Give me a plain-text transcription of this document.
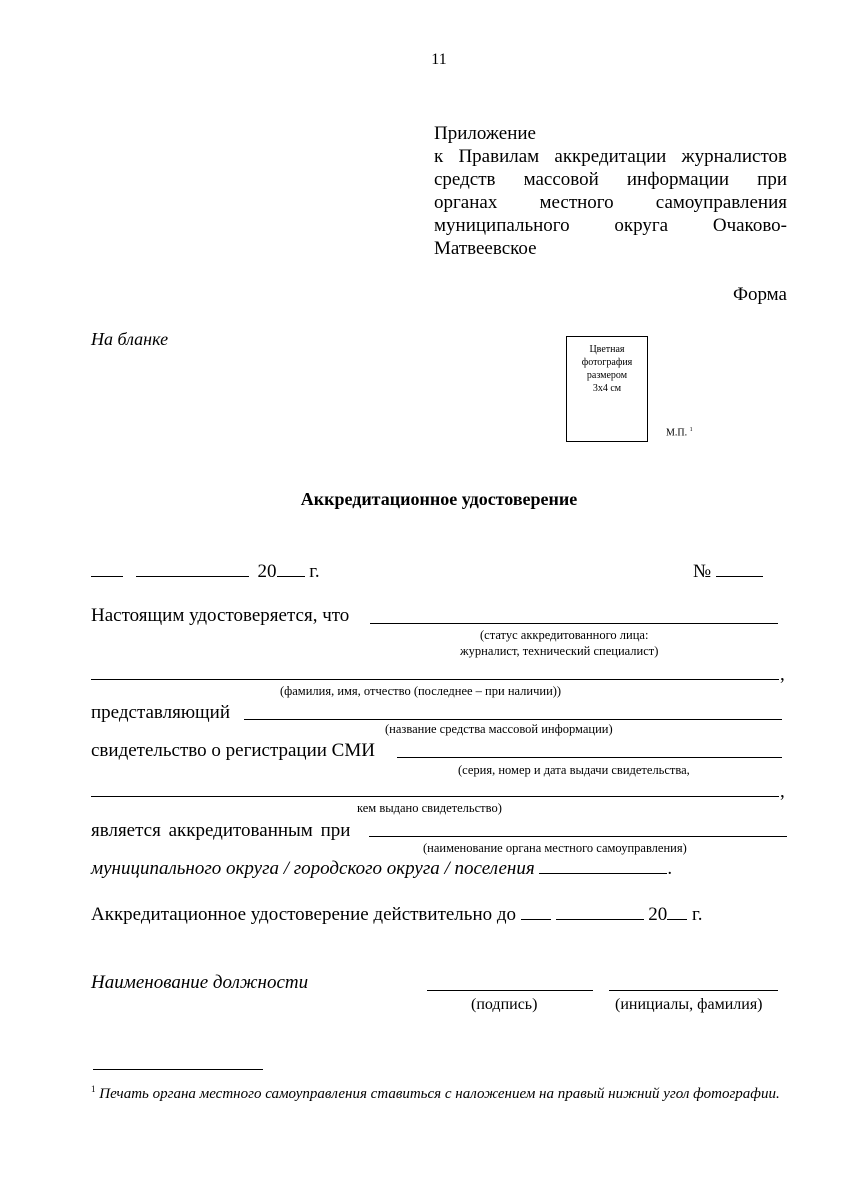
11
Приложение
к Правилам аккредитации журналистов
средств массовой информации при
органах местного самоуправления
муниципального округа Очаково-
Матвеевское
Форма
На бланке
Цветная
фотография
размером
3х4 см
М.П. $^1$
Аккредитационное удостоверение
20 г.	№
Настоящим удостоверяется, что
(статус аккредитованного лица:
журналист, технический специалист)
,
(фамилия, имя, отчество (последнее – при наличии))
представляющий
(название средства массовой информации)
свидетельство о регистрации СМИ
(серия, номер и дата выдачи свидетельства,
,
кем выдано свидетельство)
является аккредитованным при
(наименование органа местного самоуправления)
муниципального округа / городского округа / поселения	.
Аккредитационное удостоверение действительно до	20 г.
Наименование должности
(подпись)	(инициалы, фамилия)
$^1$ Печать органа местного самоуправления ставиться с наложением на правый нижний угол фотографии.
